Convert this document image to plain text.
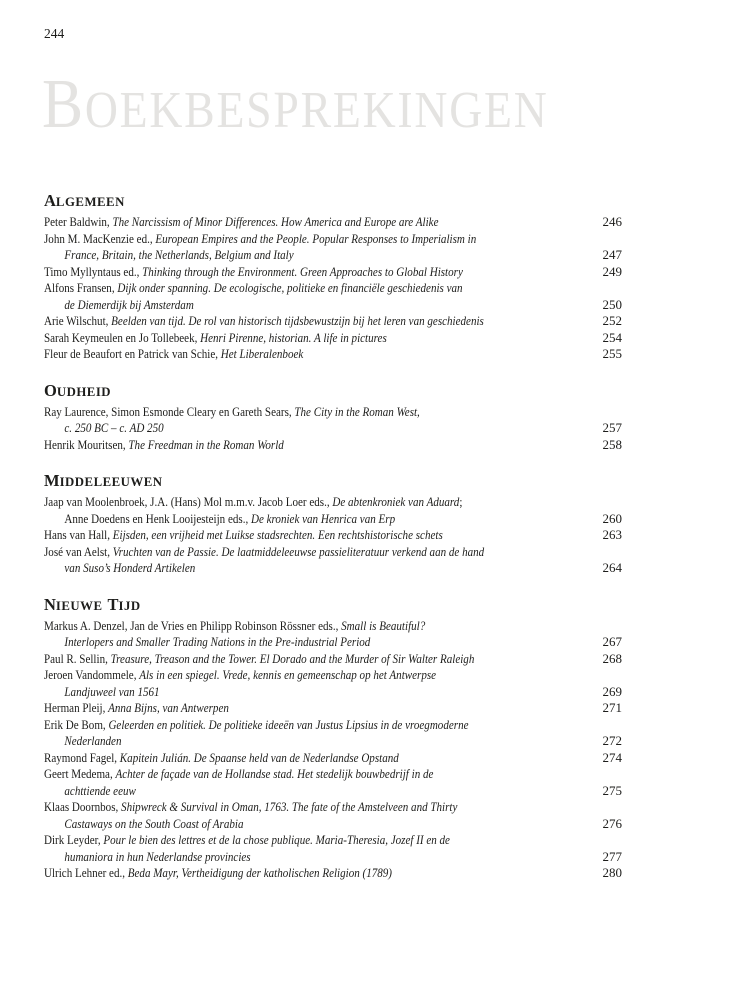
244
BOEKBESPREKINGEN
ALGEMEEN
Peter Baldwin, The Narcissism of Minor Differences. How America and Europe are Alike	246
John M. MacKenzie ed., European Empires and the People. Popular Responses to Imperialism in
France, Britain, the Netherlands, Belgium and Italy	247
Timo Myllyntaus ed., Thinking through the Environment. Green Approaches to Global History	249
Alfons Fransen, Dijk onder spanning. De ecologische, politieke en financiële geschiedenis van
de Diemerdijk bij Amsterdam	250
Arie Wilschut, Beelden van tijd. De rol van historisch tijdsbewustzijn bij het leren van geschiedenis	252
Sarah Keymeulen en Jo Tollebeek, Henri Pirenne, historian. A life in pictures	254
Fleur de Beaufort en Patrick van Schie, Het Liberalenboek	255
OUDHEID
Ray Laurence, Simon Esmonde Cleary en Gareth Sears, The City in the Roman West,
c. 250 BC – c. AD 250	257
Henrik Mouritsen, The Freedman in the Roman World	258
MIDDELEEUWEN
Jaap van Moolenbroek, J.A. (Hans) Mol m.m.v. Jacob Loer eds., De abtenkroniek van Aduard;
Anne Doedens en Henk Looijesteijn eds., De kroniek van Henrica van Erp	260
Hans van Hall, Eijsden, een vrijheid met Luikse stadsrechten. Een rechtshistorische schets	263
José van Aelst, Vruchten van de Passie. De laatmiddeleeuwse passieliteratuur verkend aan de hand
van Suso’s Honderd Artikelen	264
NIEUWE TIJD
Markus A. Denzel, Jan de Vries en Philipp Robinson Rössner eds., Small is Beautiful?
Interlopers and Smaller Trading Nations in the Pre-industrial Period	267
Paul R. Sellin, Treasure, Treason and the Tower. El Dorado and the Murder of Sir Walter Raleigh	268
Jeroen Vandommele, Als in een spiegel. Vrede, kennis en gemeenschap op het Antwerpse
Landjuweel van 1561	269
Herman Pleij, Anna Bijns, van Antwerpen	271
Erik De Bom, Geleerden en politiek. De politieke ideeën van Justus Lipsius in de vroegmoderne
Nederlanden	272
Raymond Fagel, Kapitein Julián. De Spaanse held van de Nederlandse Opstand	274
Geert Medema, Achter de façade van de Hollandse stad. Het stedelijk bouwbedrijf in de
achttiende eeuw	275
Klaas Doornbos, Shipwreck & Survival in Oman, 1763. The fate of the Amstelveen and Thirty
Castaways on the South Coast of Arabia	276
Dirk Leyder, Pour le bien des lettres et de la chose publique. Maria-Theresia, Jozef II en de
humaniora in hun Nederlandse provincies	277
Ulrich Lehner ed., Beda Mayr, Vertheidigung der katholischen Religion (1789)	280
